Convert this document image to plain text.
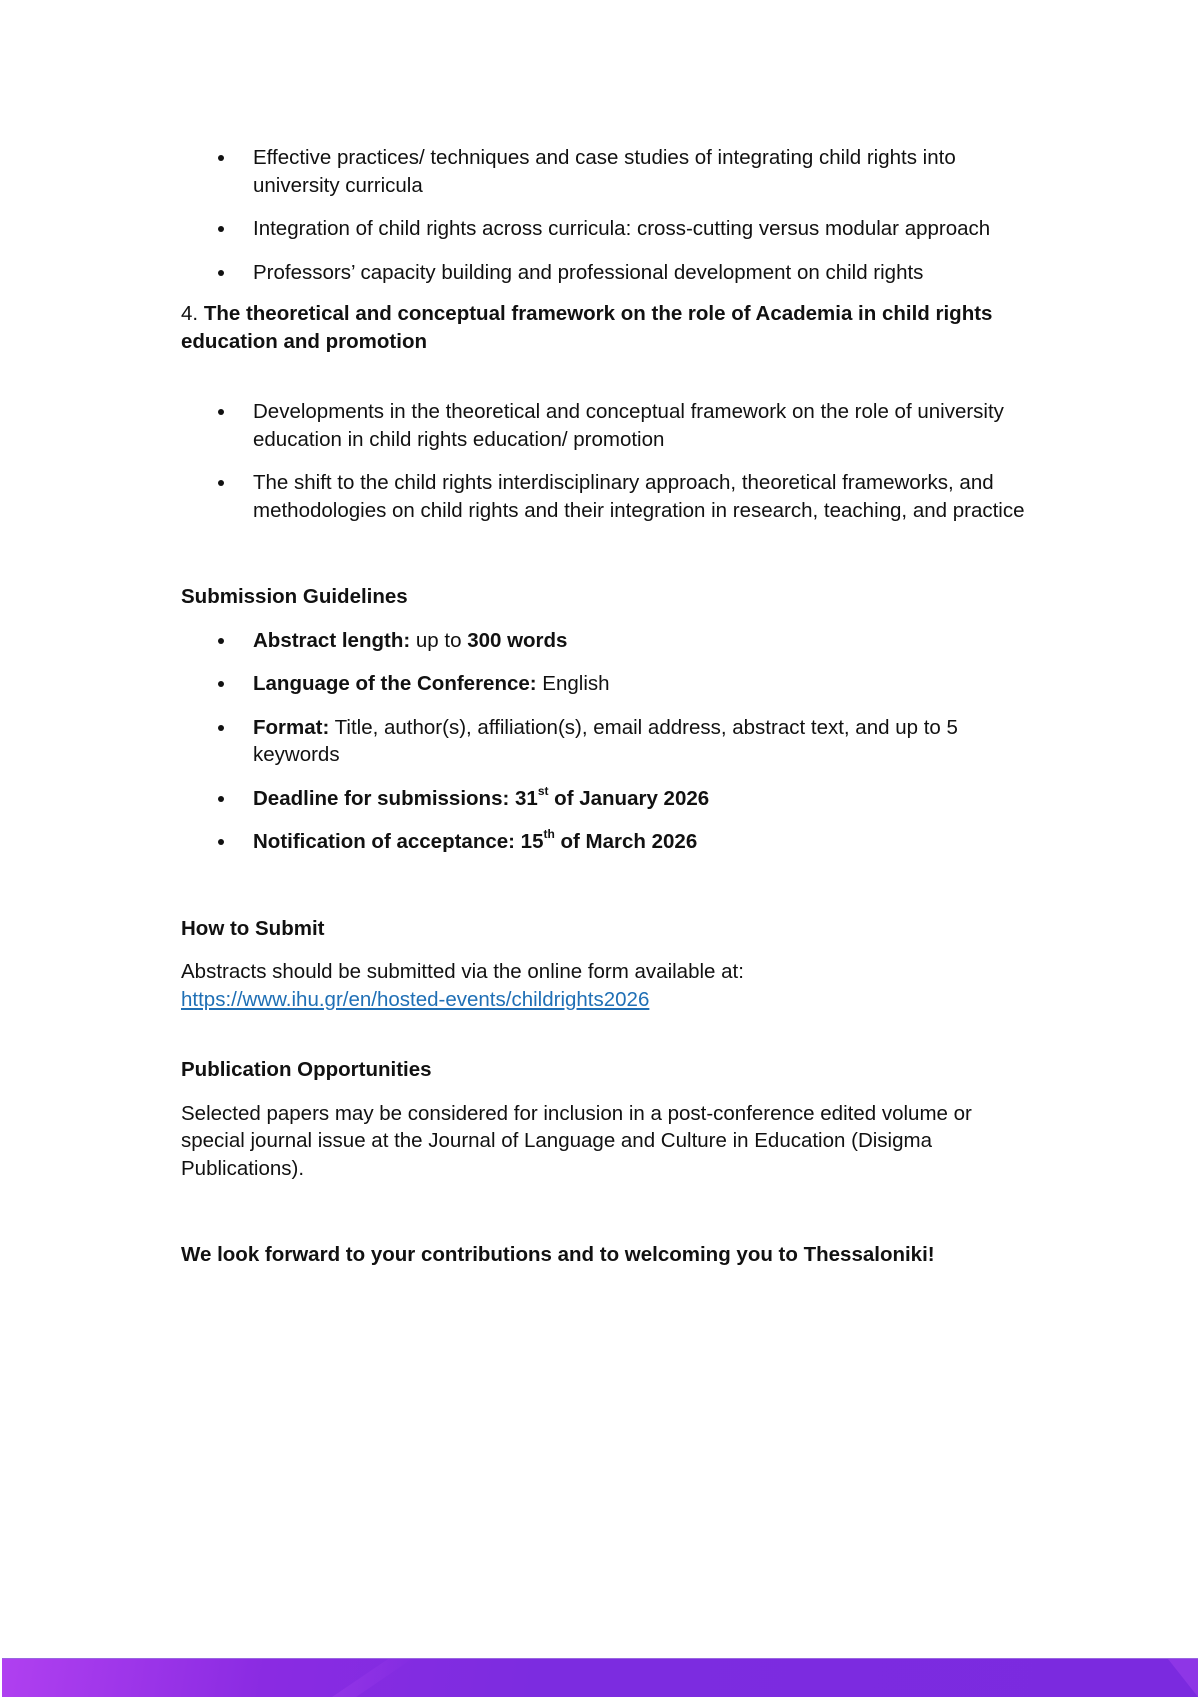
Effective practices/ techniques and case studies of integrating child rights into university curricula
Integration of child rights across curricula: cross-cutting versus modular approach
Professors’ capacity building and professional development on child rights

4. The theoretical and conceptual framework on the role of Academia in child rights education and promotion

Developments in the theoretical and conceptual framework on the role of university education in child rights education/ promotion
The shift to the child rights interdisciplinary approach, theoretical frameworks, and methodologies on child rights and their integration in research, teaching, and practice

Submission Guidelines

Abstract length: up to 300 words
Language of the Conference: English
Format: Title, author(s), affiliation(s), email address, abstract text, and up to 5 keywords
Deadline for submissions: 31st of January 2026
Notification of acceptance: 15th of March 2026

How to Submit

Abstracts should be submitted via the online form available at:
https://www.ihu.gr/en/hosted-events/childrights2026

Publication Opportunities

Selected papers may be considered for inclusion in a post-conference edited volume or special journal issue at the Journal of Language and Culture in Education (Disigma Publications).

We look forward to your contributions and to welcoming you to Thessaloniki!
